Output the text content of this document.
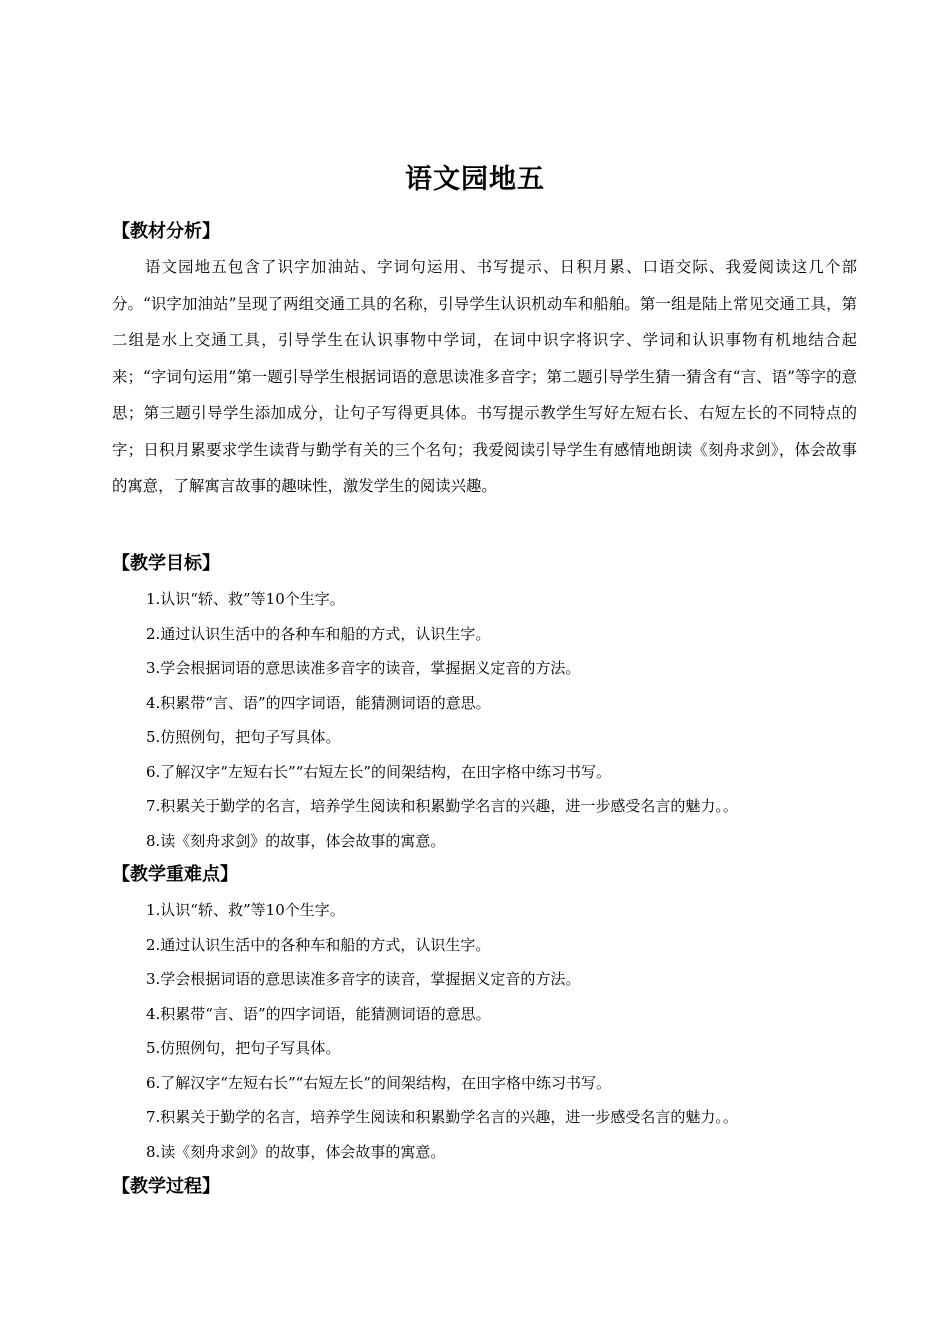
语文园地五
【教材分析】

语文园地五包含了识字加油站、字词句运用、书写提示、日积月累、口语交际、我爱阅读这几个部分。“识字加油站”呈现了两组交通工具的名称，引导学生认识机动车和船舶。第一组是陆上常见交通工具，第二组是水上交通工具，引导学生在认识事物中学词，在词中识字将识字、学词和认识事物有机地结合起来；“字词句运用”第一题引导学生根据词语的意思读准多音字；第二题引导学生猜一猜含有“言、语”等字的意思；第三题引导学生添加成分，让句子写得更具体。书写提示教学生写好左短右长、右短左长的不同特点的字；日积月累要求学生读背与勤学有关的三个名句；我爱阅读引导学生有感情地朗读《刻舟求剑》，体会故事的寓意，了解寓言故事的趣味性，激发学生的阅读兴趣。

【教学目标】
1.认识“轿、救”等10个生字。
2.通过认识生活中的各种车和船的方式，认识生字。
3.学会根据词语的意思读准多音字的读音，掌握据义定音的方法。
4.积累带“言、语”的四字词语，能猜测词语的意思。
5.仿照例句，把句子写具体。
6.了解汉字“左短右长”“右短左长”的间架结构，在田字格中练习书写。
7.积累关于勤学的名言，培养学生阅读和积累勤学名言的兴趣，进一步感受名言的魅力。。
8.读《刻舟求剑》的故事，体会故事的寓意。
【教学重难点】
1.认识“轿、救”等10个生字。
2.通过认识生活中的各种车和船的方式，认识生字。
3.学会根据词语的意思读准多音字的读音，掌握据义定音的方法。
4.积累带“言、语”的四字词语，能猜测词语的意思。
5.仿照例句，把句子写具体。
6.了解汉字“左短右长”“右短左长”的间架结构，在田字格中练习书写。
7.积累关于勤学的名言，培养学生阅读和积累勤学名言的兴趣，进一步感受名言的魅力。。
8.读《刻舟求剑》的故事，体会故事的寓意。
【教学过程】
